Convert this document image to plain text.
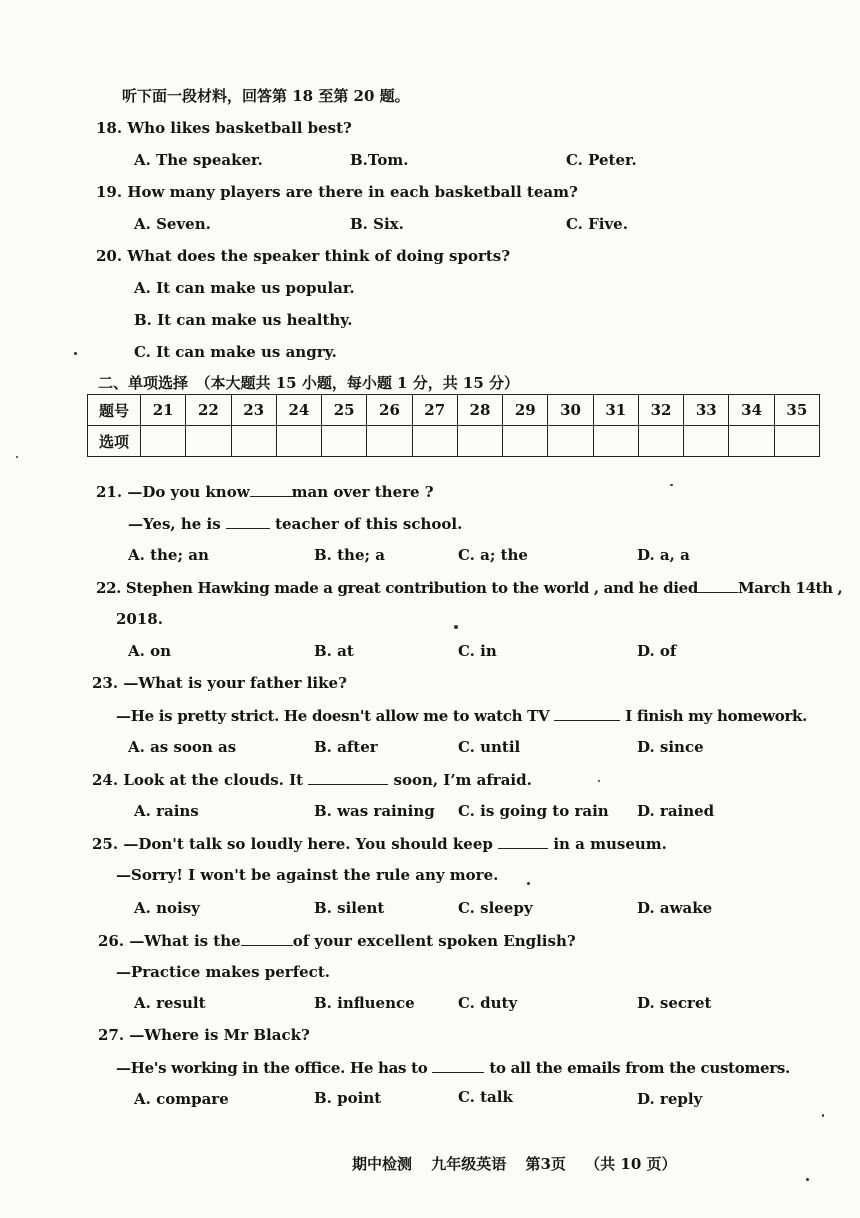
听下面一段材料，回答第 18 至第 20 题。
18. Who likes basketball best?
A. The speaker.	B.Tom.	C. Peter.
19. How many players are there in each basketball team?
A. Seven.	B. Six.	C. Five.
20. What does the speaker think of doing sports?
A. It can make us popular.
B. It can make us healthy.
C. It can make us angry.
二、单项选择　（本大题共 15 小题，每小题 1 分，共 15 分）
题号	21	22	23	24	25	26	27	28	29	30	31	32	33	34	35
选项															
21. —Do you know	man over there ?
—Yes, he is	teacher of this school.
A. the; an	B. the; a	C. a; the	D. a, a
22. Stephen Hawking made a great contribution to the world , and he died	March 14th ,
2018.
A. on	B. at	C. in	D. of
23. —What is your father like?
—He is pretty strict. He doesn't allow me to watch TV	I finish my homework.
A. as soon as	B. after	C. until	D. since
24. Look at the clouds. It	soon, I’m afraid.
A. rains	B. was raining C. is going to rain D. rained
25. —Don't talk so loudly here. You should keep	in a museum.
—Sorry! I won't be against the rule any more.
A. noisy	B. silent	C. sleepy	D. awake
26. —What is the	of your excellent spoken English?
—Practice makes perfect.
A. result	B. influence	C. duty	D. secret
27. —Where is Mr Black?
—He's working in the office. He has to	to all the emails from the customers.
A. compare	B. point	C. talk	D. reply
期中检测 九年级英语 第3页 （共 10 页）
